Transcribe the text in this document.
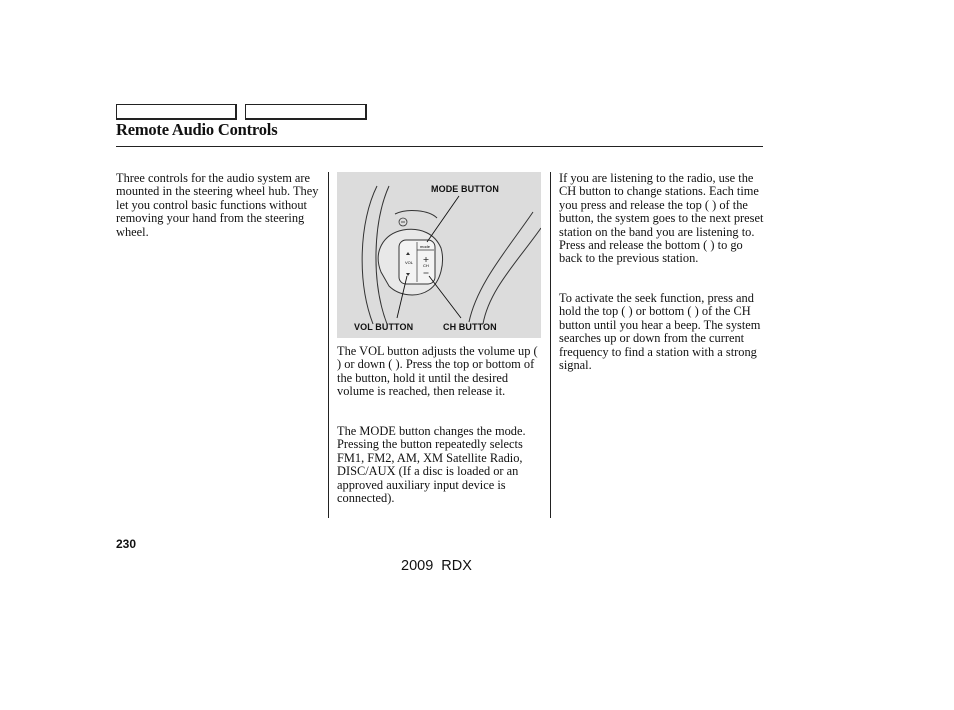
Remote Audio Controls

Three controls for the audio system are mounted in the steering wheel hub. They let you control basic functions without removing your hand from the steering wheel.

mode
VOL
CH
MODE BUTTON
VOL BUTTON	CH BUTTON

The VOL button adjusts the volume up ( ) or down ( ). Press the top or bottom of the button, hold it until the desired volume is reached, then release it.

The MODE button changes the mode. Pressing the button repeatedly selects FM1, FM2, AM, XM Satellite Radio, DISC/AUX (If a disc is loaded or an approved auxiliary input device is connected).

If you are listening to the radio, use the CH button to change stations. Each time you press and release the top ( ) of the button, the system goes to the next preset station on the band you are listening to. Press and release the bottom ( ) to go back to the previous station.

To activate the seek function, press and hold the top ( ) or bottom ( ) of the CH button until you hear a beep. The system searches up or down from the current frequency to find a station with a strong signal.

230
2009 RDX
